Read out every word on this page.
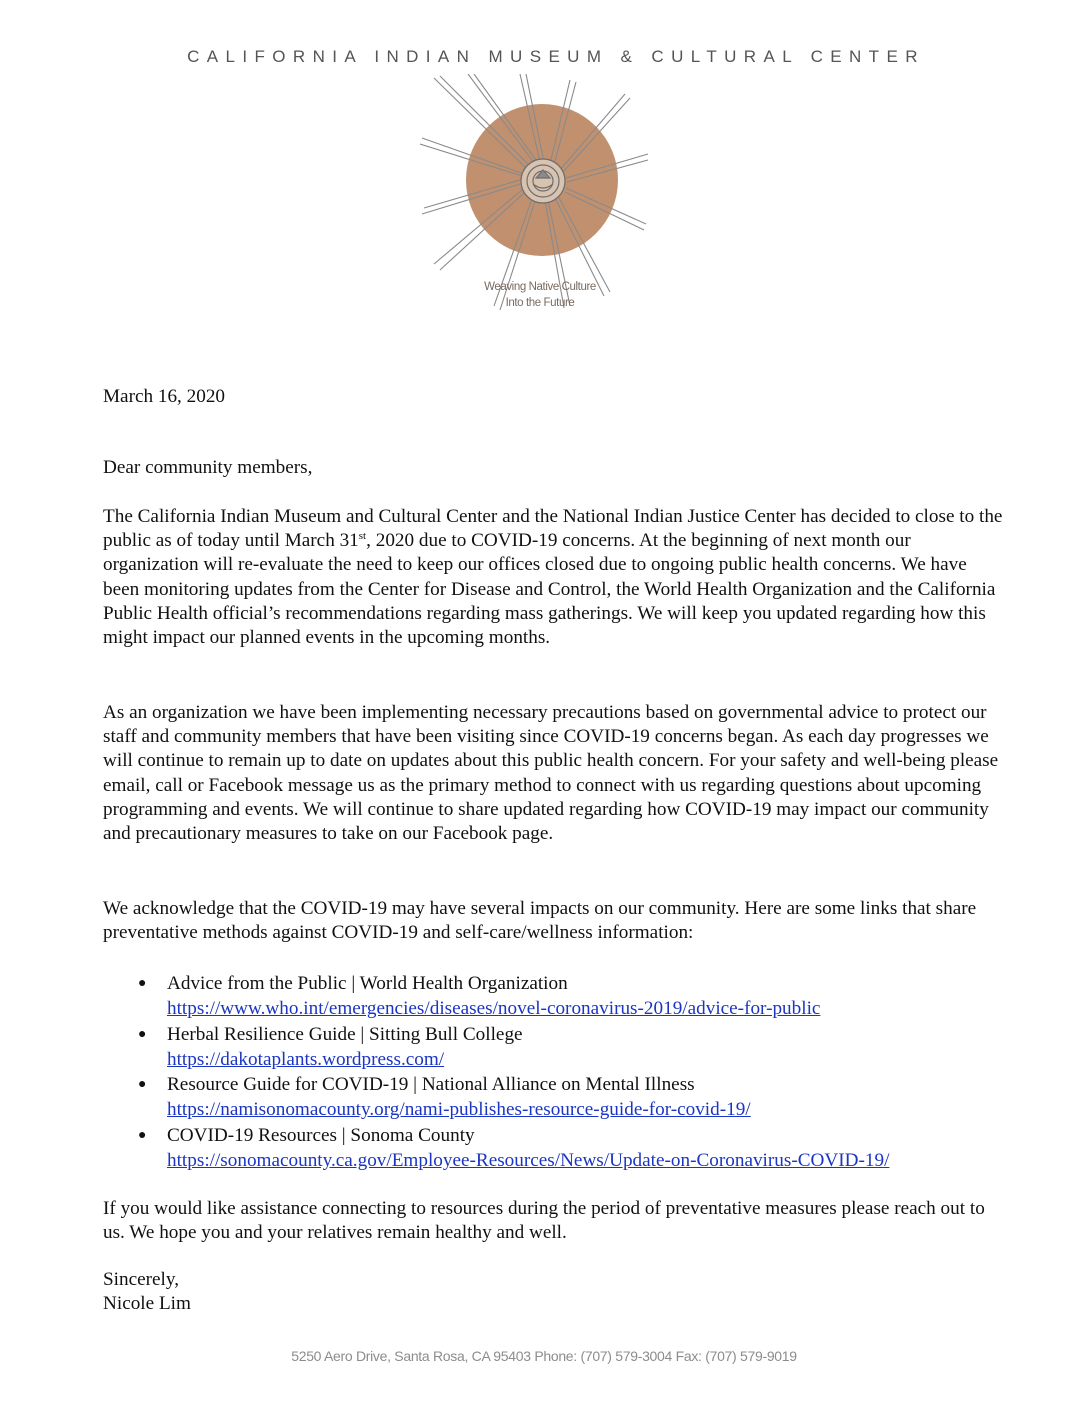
CALIFORNIA INDIAN MUSEUM & CULTURAL CENTER
Weaving Native Culture
Into the Future
March 16, 2020
Dear community members,

The California Indian Museum and Cultural Center and the National Indian Justice Center has decided to close to the public as of today until March 31st, 2020 due to COVID-19 concerns. At the beginning of next month our organization will re-evaluate the need to keep our offices closed due to ongoing public health concerns. We have been monitoring updates from the Center for Disease and Control, the World Health Organization and the California Public Health official’s recommendations regarding mass gatherings. We will keep you updated regarding how this might impact our planned events in the upcoming months.

As an organization we have been implementing necessary precautions based on governmental advice to protect our staff and community members that have been visiting since COVID-19 concerns began. As each day progresses we will continue to remain up to date on updates about this public health concern. For your safety and well-being please email, call or Facebook message us as the primary method to connect with us regarding questions about upcoming programming and events. We will continue to share updated regarding how COVID-19 may impact our community and precautionary measures to take on our Facebook page.

We acknowledge that the COVID-19 may have several impacts on our community. Here are some links that share preventative methods against COVID-19 and self-care/wellness information:

● Advice from the Public | World Health Organization
https://www.who.int/emergencies/diseases/novel-coronavirus-2019/advice-for-public
● Herbal Resilience Guide | Sitting Bull College
https://dakotaplants.wordpress.com/
● Resource Guide for COVID-19 | National Alliance on Mental Illness
https://namisonomacounty.org/nami-publishes-resource-guide-for-covid-19/
● COVID-19 Resources | Sonoma County
https://sonomacounty.ca.gov/Employee-Resources/News/Update-on-Coronavirus-COVID-19/

If you would like assistance connecting to resources during the period of preventative measures please reach out to us. We hope you and your relatives remain healthy and well.

Sincerely,
Nicole Lim
5250 Aero Drive, Santa Rosa, CA 95403 Phone: (707) 579-3004 Fax: (707) 579-9019
